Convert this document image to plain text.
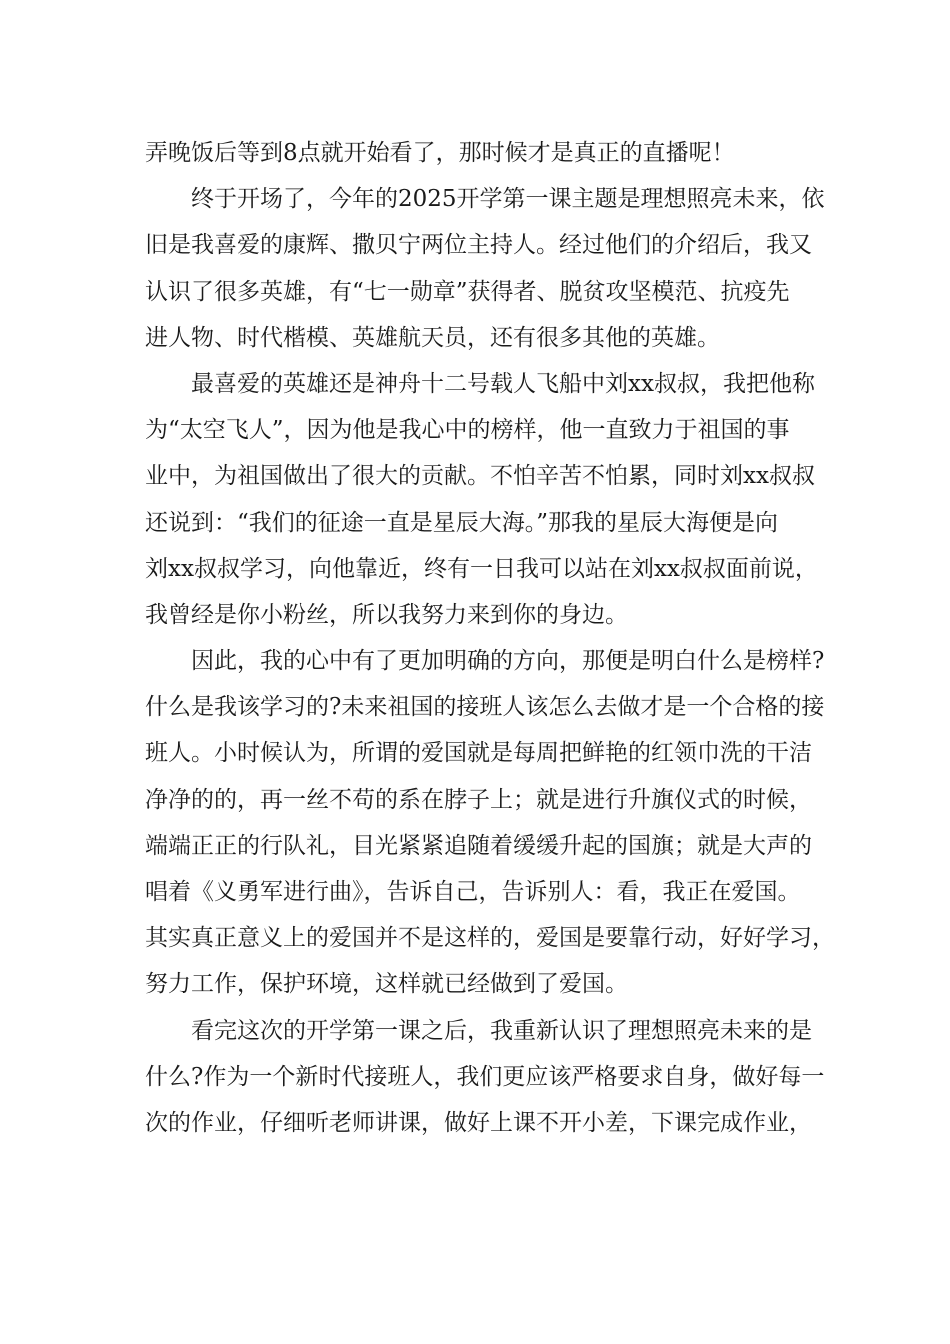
弄晚饭后等到8点就开始看了，那时候才是真正的直播呢！
终于开场了，今年的2025开学第一课主题是理想照亮未来，依
旧是我喜爱的康辉、撒贝宁两位主持人。经过他们的介绍后，我又
认识了很多英雄，有“七一勋章”获得者、脱贫攻坚模范、抗疫先
进人物、时代楷模、英雄航天员，还有很多其他的英雄。
最喜爱的英雄还是神舟十二号载人飞船中刘xx叔叔，我把他称
为“太空飞人”，因为他是我心中的榜样，他一直致力于祖国的事
业中，为祖国做出了很大的贡献。不怕辛苦不怕累，同时刘xx叔叔
还说到：“我们的征途一直是星辰大海。”那我的星辰大海便是向
刘xx叔叔学习，向他靠近，终有一日我可以站在刘xx叔叔面前说，
我曾经是你小粉丝，所以我努力来到你的身边。
因此，我的心中有了更加明确的方向，那便是明白什么是榜样?
什么是我该学习的?未来祖国的接班人该怎么去做才是一个合格的接
班人。小时候认为，所谓的爱国就是每周把鲜艳的红领巾洗的干洁
净净的的，再一丝不苟的系在脖子上；就是进行升旗仪式的时候，
端端正正的行队礼，目光紧紧追随着缓缓升起的国旗；就是大声的
唱着《义勇军进行曲》，告诉自己，告诉别人：看，我正在爱国。
其实真正意义上的爱国并不是这样的，爱国是要靠行动，好好学习，
努力工作，保护环境，这样就已经做到了爱国。
看完这次的开学第一课之后，我重新认识了理想照亮未来的是
什么?作为一个新时代接班人，我们更应该严格要求自身，做好每一
次的作业，仔细听老师讲课，做好上课不开小差，下课完成作业，
